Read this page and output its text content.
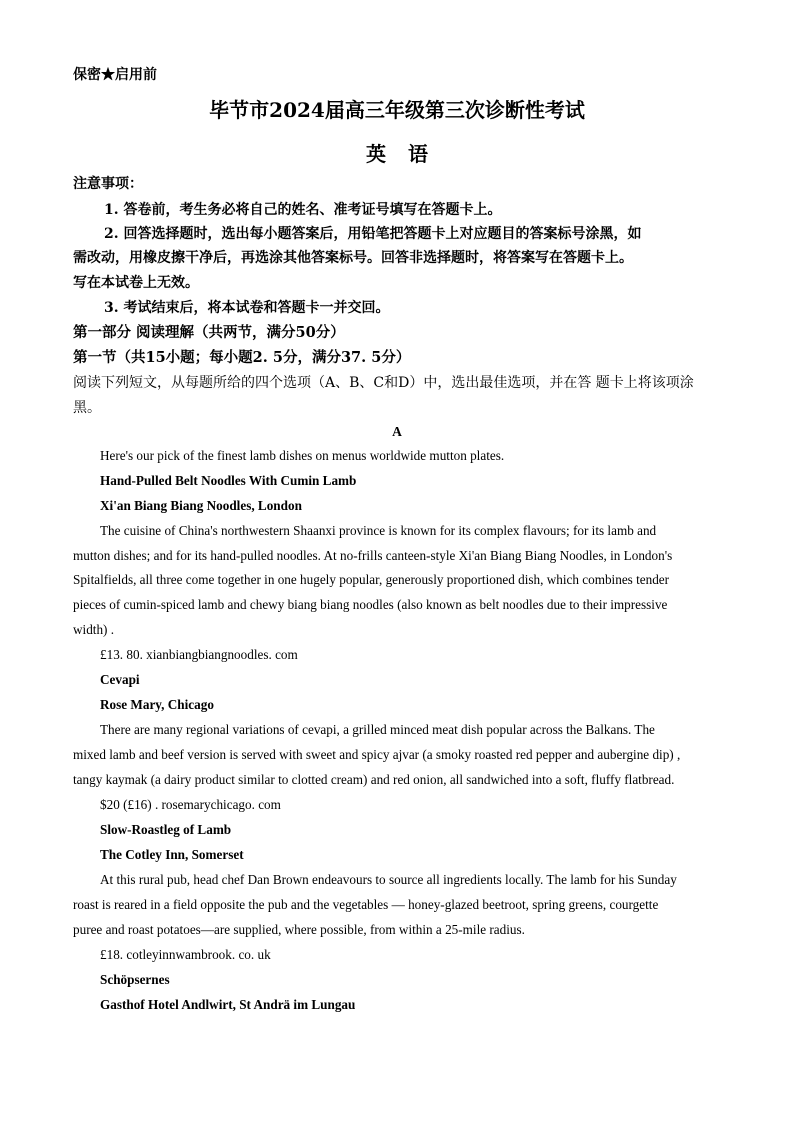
保密★启用前
毕节市2024届高三年级第三次诊断性考试
英语
注意事项：
1. 答卷前，考生务必将自己的姓名、准考证号填写在答题卡上。
2. 回答选择题时，选出每小题答案后，用铅笔把答题卡上对应题目的答案标号涂黑，如
需改动，用橡皮擦干净后，再选涂其他答案标号。回答非选择题时，将答案写在答题卡上。
写在本试卷上无效。
3. 考试结束后，将本试卷和答题卡一并交回。
第一部分 阅读理解（共两节，满分50分）
第一节（共15小题；每小题2. 5分，满分37. 5分）
阅读下列短文，从每题所给的四个选项（A、B、C和D）中，选出最佳选项，并在答 题卡上将该项涂
黑。
A
Here's our pick of the finest lamb dishes on menus worldwide mutton plates.
Hand-Pulled Belt Noodles With Cumin Lamb
Xi'an Biang Biang Noodles, London
The cuisine of China's northwestern Shaanxi province is known for its complex flavours; for its lamb and
mutton dishes; and for its hand-pulled noodles. At no-frills canteen-style Xi'an Biang Biang Noodles, in London's
Spitalfields, all three come together in one hugely popular, generously proportioned dish, which combines tender
pieces of cumin-spiced lamb and chewy biang biang noodles (also known as belt noodles due to their impressive
width) .
£13. 80. xianbiangbiangnoodles. com
Cevapi
Rose Mary, Chicago
There are many regional variations of cevapi, a grilled minced meat dish popular across the Balkans. The
mixed lamb and beef version is served with sweet and spicy ajvar (a smoky roasted red pepper and aubergine dip) ,
tangy kaymak (a dairy product similar to clotted cream) and red onion, all sandwiched into a soft, fluffy flatbread.
$20 (£16) . rosemarychicago. com
Slow-Roastleg of Lamb
The Cotley Inn, Somerset
At this rural pub, head chef Dan Brown endeavours to source all ingredients locally. The lamb for his Sunday
roast is reared in a field opposite the pub and the vegetables — honey-glazed beetroot, spring greens, courgette
puree and roast potatoes—are supplied, where possible, from within a 25-mile radius.
£18. cotleyinnwambrook. co. uk
Schöpsernes
Gasthof Hotel Andlwirt, St Andrä im Lungau
